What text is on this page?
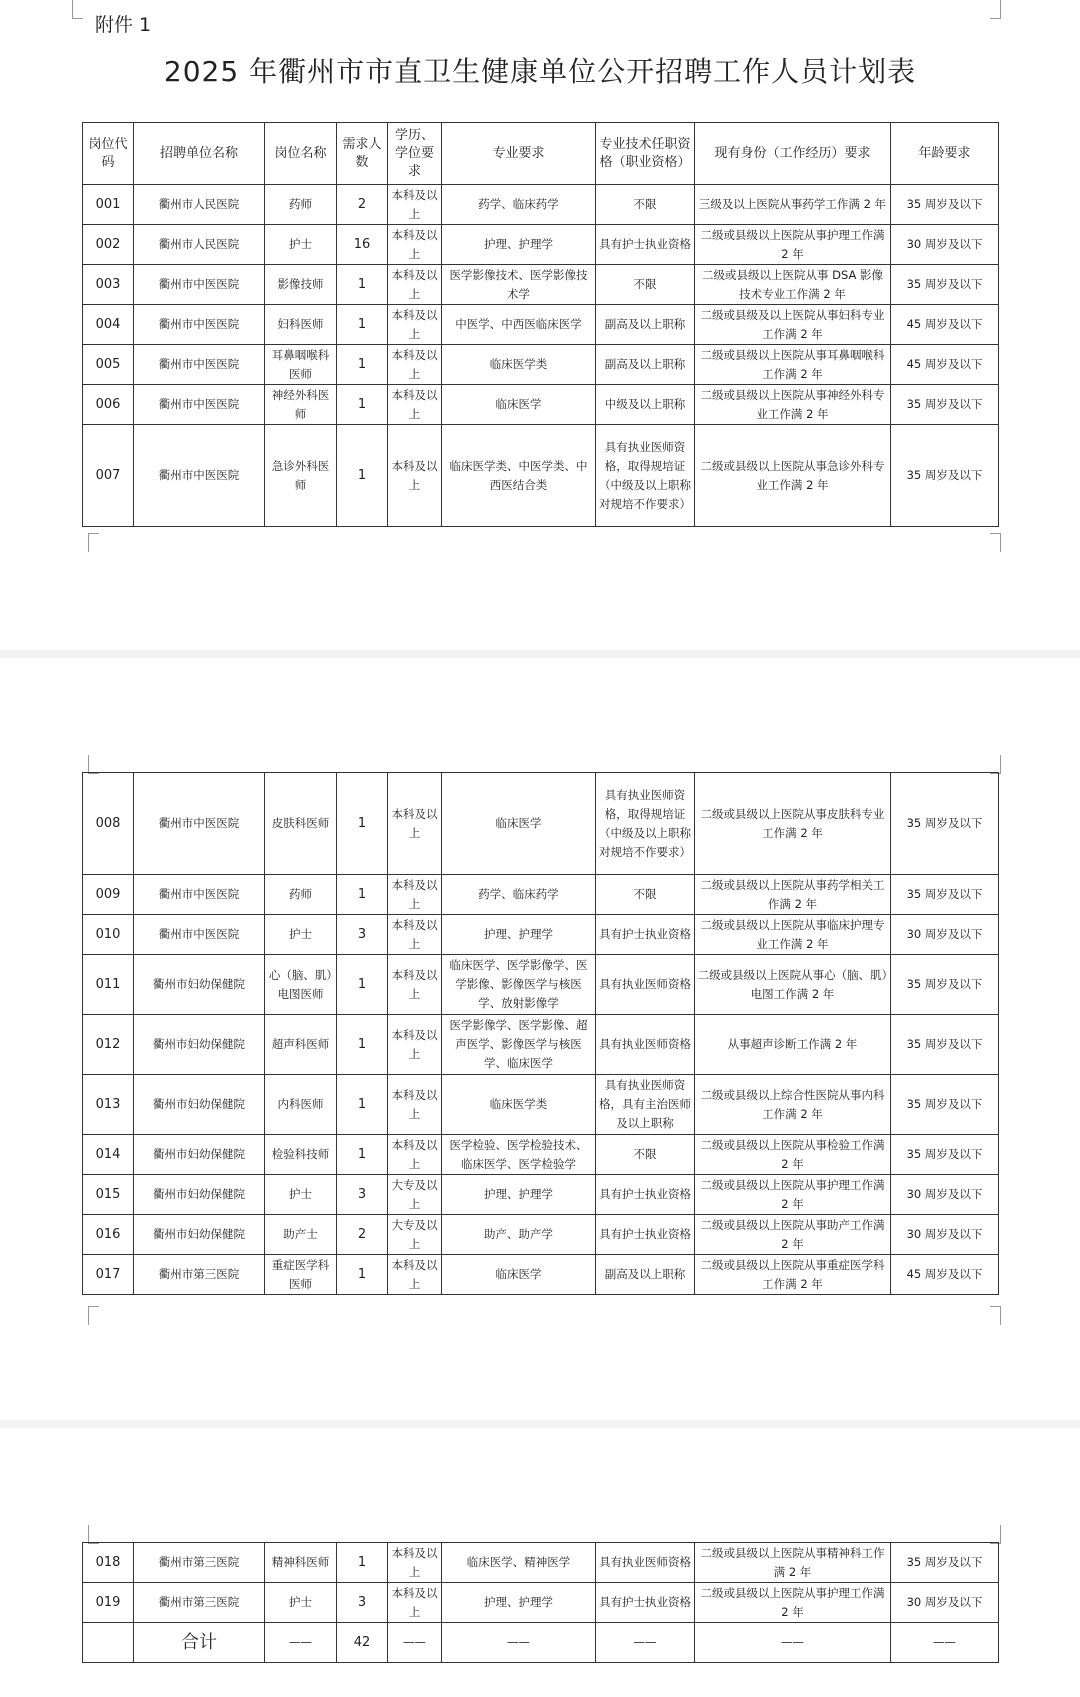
附件 1
2025 年衢州市市直卫生健康单位公开招聘工作人员计划表
岗位代码	招聘单位名称	岗位名称	需求人数	学历、学位要求	专业要求	专业技术任职资格（职业资格）	现有身份（工作经历）要求	年龄要求
001	衢州市人民医院	药师	2	本科及以上	药学、临床药学	不限	三级及以上医院从事药学工作满 2 年	35 周岁及以下
002	衢州市人民医院	护士	16	本科及以上	护理、护理学	具有护士执业资格	二级或县级以上医院从事护理工作满 2 年	30 周岁及以下
003	衢州市中医医院	影像技师	1	本科及以上	医学影像技术、医学影像技术学	不限	二级或县级以上医院从事 DSA 影像技术专业工作满 2 年	35 周岁及以下
004	衢州市中医医院	妇科医师	1	本科及以上	中医学、中西医临床医学	副高及以上职称	二级或县级及以上医院从事妇科专业工作满 2 年	45 周岁及以下
005	衢州市中医医院	耳鼻咽喉科医师	1	本科及以上	临床医学类	副高及以上职称	二级或县级以上医院从事耳鼻咽喉科工作满 2 年	45 周岁及以下
006	衢州市中医医院	神经外科医师	1	本科及以上	临床医学	中级及以上职称	二级或县级以上医院从事神经外科专业工作满 2 年	35 周岁及以下
007	衢州市中医医院	急诊外科医师	1	本科及以上	临床医学类、中医学类、中西医结合类	具有执业医师资格，取得规培证（中级及以上职称对规培不作要求）	二级或县级以上医院从事急诊外科专业工作满 2 年	35 周岁及以下
008	衢州市中医医院	皮肤科医师	1	本科及以上	临床医学	具有执业医师资格，取得规培证（中级及以上职称对规培不作要求）	二级或县级以上医院从事皮肤科专业工作满 2 年	35 周岁及以下
009	衢州市中医医院	药师	1	本科及以上	药学、临床药学	不限	二级或县级以上医院从事药学相关工作满 2 年	35 周岁及以下
010	衢州市中医医院	护士	3	本科及以上	护理、护理学	具有护士执业资格	二级或县级以上医院从事临床护理专业工作满 2 年	30 周岁及以下
011	衢州市妇幼保健院	心（脑、肌）电图医师	1	本科及以上	临床医学、医学影像学、医学影像、影像医学与核医学、放射影像学	具有执业医师资格	二级或县级以上医院从事心（脑、肌）电图工作满 2 年	35 周岁及以下
012	衢州市妇幼保健院	超声科医师	1	本科及以上	医学影像学、医学影像、超声医学、影像医学与核医学、临床医学	具有执业医师资格	从事超声诊断工作满 2 年	35 周岁及以下
013	衢州市妇幼保健院	内科医师	1	本科及以上	临床医学类	具有执业医师资格，具有主治医师及以上职称	二级或县级以上综合性医院从事内科工作满 2 年	35 周岁及以下
014	衢州市妇幼保健院	检验科技师	1	本科及以上	医学检验、医学检验技术、临床医学、医学检验学	不限	二级或县级以上医院从事检验工作满 2 年	35 周岁及以下
015	衢州市妇幼保健院	护士	3	大专及以上	护理、护理学	具有护士执业资格	二级或县级以上医院从事护理工作满 2 年	30 周岁及以下
016	衢州市妇幼保健院	助产士	2	大专及以上	助产、助产学	具有护士执业资格	二级或县级以上医院从事助产工作满 2 年	30 周岁及以下
017	衢州市第三医院	重症医学科医师	1	本科及以上	临床医学	副高及以上职称	二级或县级以上医院从事重症医学科工作满 2 年	45 周岁及以下
018	衢州市第三医院	精神科医师	1	本科及以上	临床医学、精神医学	具有执业医师资格	二级或县级以上医院从事精神科工作满 2 年	35 周岁及以下
019	衢州市第三医院	护士	3	本科及以上	护理、护理学	具有护士执业资格	二级或县级以上医院从事护理工作满 2 年	30 周岁及以下
	合计	——	42	——	——	——	——	——
